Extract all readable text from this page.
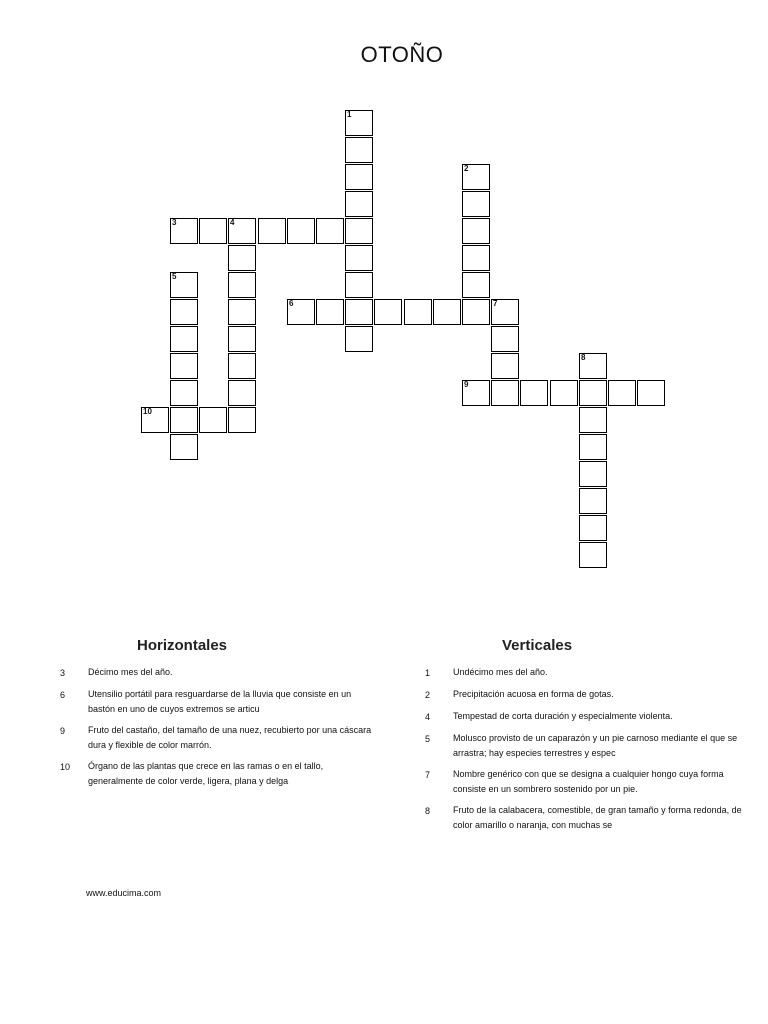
OTOÑO
3	4
6	7
9
10
1
2
5
8
Horizontales
3	Décimo mes del año.
6	Utensilio portátil para resguardarse de la lluvia que consiste en un bastón en uno de cuyos extremos se articu
9	Fruto del castaño, del tamaño de una nuez, recubierto por una cáscara dura y flexible de color marrón.
10	Órgano de las plantas que crece en las ramas o en el tallo, generalmente de color verde, ligera, plana y delga
Verticales
1	Undécimo mes del año.
2	Precipitación acuosa en forma de gotas.
4	Tempestad de corta duración y especialmente violenta.
5	Molusco provisto de un caparazón y un pie carnoso mediante el que se arrastra; hay especies terrestres y espec
7	Nombre genérico con que se designa a cualquier hongo cuya forma consiste en un sombrero sostenido por un pie.
8	Fruto de la calabacera, comestible, de gran tamaño y forma redonda, de color amarillo o naranja, con muchas se
www.educima.com
